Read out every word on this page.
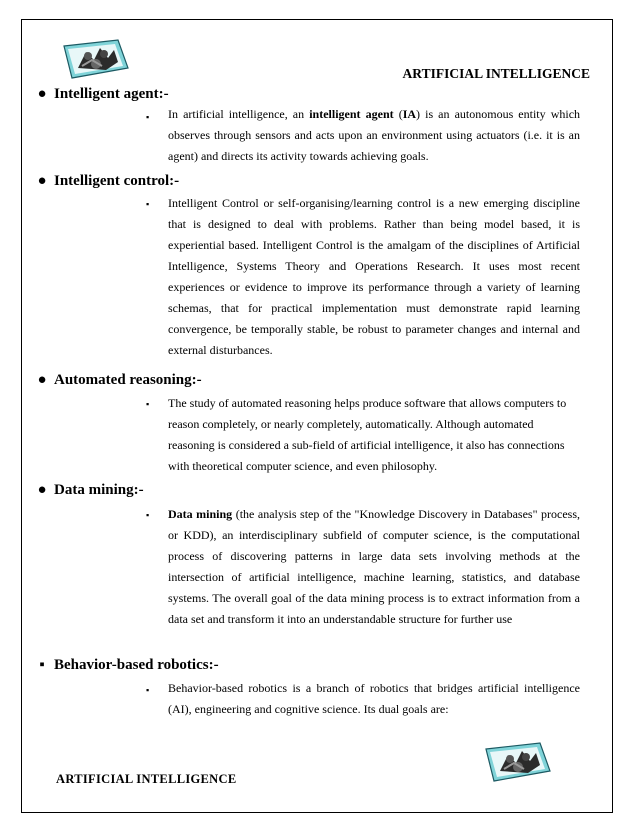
ARTIFICIAL INTELLIGENCE
● Intelligent agent:-
▪ In artificial intelligence, an intelligent agent (IA) is an autonomous entity which observes through sensors and acts upon an environment using actuators (i.e. it is an agent) and directs its activity towards achieving goals.

● Intelligent control:-
▪ Intelligent Control or self-organising/learning control is a new emerging discipline that is designed to deal with problems. Rather than being model based, it is experiential based. Intelligent Control is the amalgam of the disciplines of Artificial Intelligence, Systems Theory and Operations Research. It uses most recent experiences or evidence to improve its performance through a variety of learning schemas, that for practical implementation must demonstrate rapid learning convergence, be temporally stable, be robust to parameter changes and internal and external disturbances.

● Automated reasoning:-
▪ The study of automated reasoning helps produce software that allows computers to reason completely, or nearly completely, automatically. Although automated reasoning is considered a sub-field of artificial intelligence, it also has connections with theoretical computer science, and even philosophy.

● Data mining:-
▪ Data mining (the analysis step of the "Knowledge Discovery in Databases" process, or KDD), an interdisciplinary subfield of computer science, is the computational process of discovering patterns in large data sets involving methods at the intersection of artificial intelligence, machine learning, statistics, and database systems. The overall goal of the data mining process is to extract information from a data set and transform it into an understandable structure for further use

▪ Behavior-based robotics:-
▪ Behavior-based robotics is a branch of robotics that bridges artificial intelligence (AI), engineering and cognitive science. Its dual goals are:

ARTIFICIAL INTELLIGENCE
